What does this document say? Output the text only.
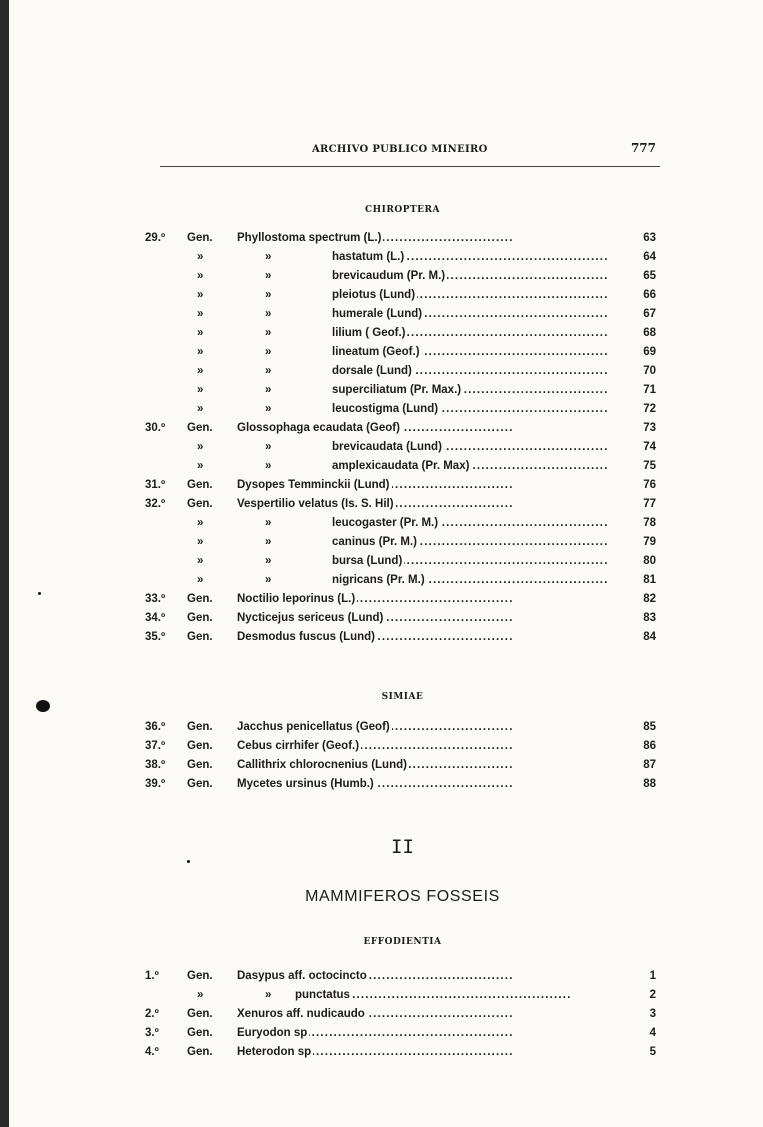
ARCHIVO PUBLICO MINEIRO	777
CHIROPTERA
29.º	Gen. Phyllostoma spectrum (L.) . . .	63
»	»	hastatum (L.) . . .	64
»	»	brevicaudum (Pr. M.) . . .	65
»	»	pleiotus (Lund) . . .	66
»	»	humerale (Lund) . . .	67
»	»	lilium ( Geof.) . . .	68
»	»	lineatum (Geof.) . . .	69
»	»	dorsale (Lund) . . .	70
»	»	superciliatum (Pr. Max.) . . .	71
»	»	leucostigma (Lund) . . .	72
30.º	Gen. Glossophaga ecaudata (Geof) . . .	73
»	»	brevicaudata (Lund) . . .	74
»	»	amplexicaudata (Pr. Max) . . .	75
31.º	Gen. Dysopes Temminckii (Lund) . . .	76
32.º	Gen. Vespertilio velatus (Is. S. Hil) . . .	77
»	»	leucogaster (Pr. M.) . . .	78
»	»	caninus (Pr. M.) . . .	79
»	»	bursa (Lund) . . .	80
»	»	nigricans (Pr. M.) . . .	81
33.º	Gen. Noctilio leporinus (L.) . . .	82
34.º	Gen. Nycticejus sericeus (Lund) . . .	83
35.º	Gen. Desmodus fuscus (Lund) . . .	84
SIMIAE
36.º	Gen. Jacchus penicellatus (Geof) . . .	85
37.º	Gen. Cebus cirrhifer (Geof.) . . .	86
38.º	Gen. Callithrix chlorocnenius (Lund) . . .	87
39.º	Gen. Mycetes ursinus (Humb.) . . .	88
II
MAMMIFEROS FOSSEIS
EFFODIENTIA
1.º	Gen. Dasypus aff. octocincto . . .	1
»	» punctatus . . .	2
2.º	Gen. Xenuros aff. nudicaudo . . .	3
3.º	Gen. Euryodon sp . . .	4
4.º	Gen. Heterodon sp . . .	5
